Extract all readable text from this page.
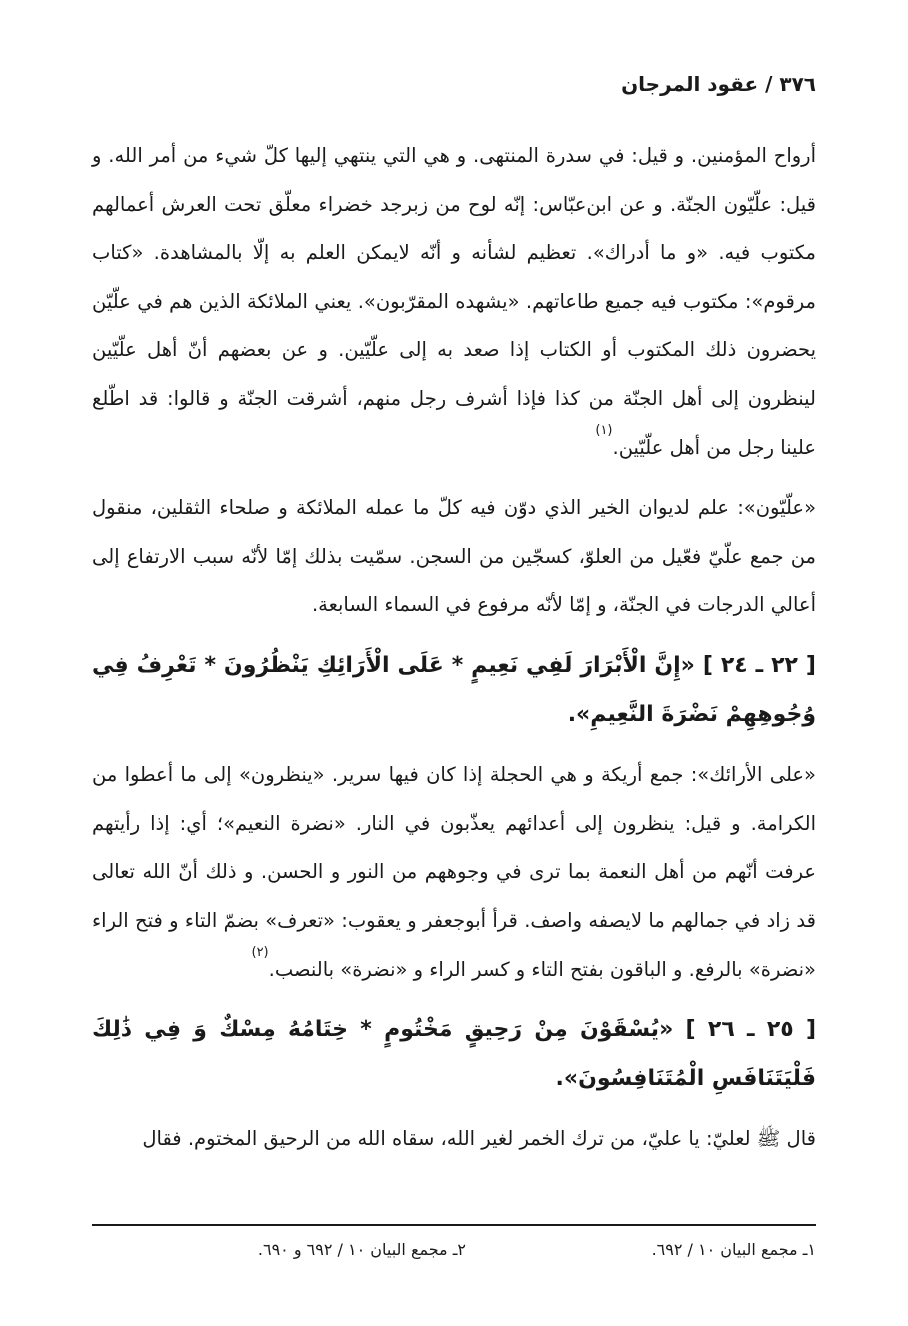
٣٧٦ / عقود المرجان

أرواح المؤمنين. و قيل: في سدرة المنتهى. و هي التي ينتهي إليها كلّ شيء من أمر الله. و قيل: علّيّون الجنّة. و عن ابن‌عبّاس: إنّه لوح من زبرجد خضراء معلّق تحت العرش أعمالهم مكتوب فيه. «و ما أدراك». تعظيم لشأنه و أنّه لايمكن العلم به إلّا بالمشاهدة. «كتاب مرقوم»: مكتوب فيه جميع طاعاتهم. «يشهده المقرّبون». يعني الملائكة الذين هم في علّيّن يحضرون ذلك المكتوب أو الكتاب إذا صعد به إلى علّيّين. و عن بعضهم أنّ أهل علّيّين لينظرون إلى أهل الجنّة من كذا فإذا أشرف رجل منهم، أشرقت الجنّة و قالوا: قد اطّلع علينا رجل من أهل علّيّين.$^{(١)}$

«علّيّون»: علم لديوان الخير الذي دوّن فيه كلّ ما عمله الملائكة و صلحاء الثقلين، منقول من جمع علّيّ فعّيل من العلوّ، كسجّين من السجن. سمّيت بذلك إمّا لأنّه سبب الارتفاع إلى أعالي الدرجات في الجنّة، و إمّا لأنّه مرفوع في السماء السابعة.

[ ٢٢ ـ ٢٤ ] «إِنَّ الْأَبْرَارَ لَفِي نَعِيمٍ * عَلَى الْأَرَائِكِ يَنْظُرُونَ * تَعْرِفُ فِي وُجُوهِهِمْ نَضْرَةَ النَّعِيمِ».

«على الأرائك»: جمع أريكة و هي الحجلة إذا كان فيها سرير. «ينظرون» إلى ما أعطوا من الكرامة. و قيل: ينظرون إلى أعدائهم يعذّبون في النار. «نضرة النعيم»؛ أي: إذا رأيتهم عرفت أنّهم من أهل النعمة بما ترى في وجوههم من النور و الحسن. و ذلك أنّ الله تعالى قد زاد في جمالهم ما لايصفه واصف. قرأ أبوجعفر و يعقوب: «تعرف» بضمّ التاء و فتح الراء «نضرة» بالرفع. و الباقون بفتح التاء و كسر الراء و «نضرة» بالنصب.$^{(٢)}$

[ ٢٥ ـ ٢٦ ] «يُسْقَوْنَ مِنْ رَحِيقٍ مَخْتُومٍ * خِتَامُهُ مِسْكٌ وَ فِي ذَٰلِكَ فَلْيَتَنَافَسِ الْمُتَنَافِسُونَ».

قال ﷺ لعليّ: يا عليّ، من ترك الخمر لغير الله، سقاه الله من الرحيق المختوم. فقال

١ـ مجمع البيان ١٠ / ٦٩٢.
٢ـ مجمع البيان ١٠ / ٦٩٢ و ٦٩٠.
